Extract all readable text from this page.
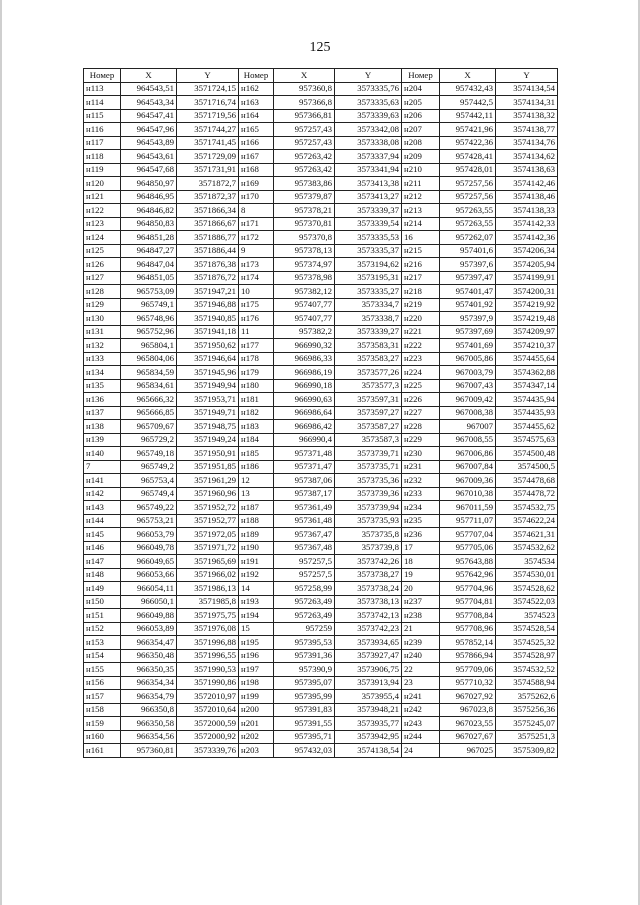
125
Номер	X	Y	Номер	X	Y	Номер	X	Y
н113	964543,51	3571724,15	н162	957360,8	3573335,76	н204	957432,43	3574134,54
н114	964543,34	3571716,74	н163	957366,8	3573335,63	н205	957442,5	3574134,31
н115	964547,41	3571719,56	н164	957366,81	3573339,63	н206	957442,11	3574138,32
н116	964547,96	3571744,27	н165	957257,43	3573342,08	н207	957421,96	3574138,77
н117	964543,89	3571741,45	н166	957257,43	3573338,08	н208	957422,36	3574134,76
н118	964543,61	3571729,09	н167	957263,42	3573337,94	н209	957428,41	3574134,62
н119	964547,68	3571731,91	н168	957263,42	3573341,94	н210	957428,01	3574138,63
н120	964850,97	3571872,7	н169	957383,86	3573413,38	н211	957257,56	3574142,46
н121	964846,95	3571872,37	н170	957379,87	3573413,27	н212	957257,56	3574138,46
н122	964846,82	3571866,34	8	957378,21	3573339,37	н213	957263,55	3574138,33
н123	964850,83	3571866,67	н171	957370,81	3573339,54	н214	957263,55	3574142,33
н124	964851,28	3571886,77	н172	957370,8	3573335,53	16	957262,07	3574142,36
н125	964847,27	3571886,44	9	957378,13	3573335,37	н215	957401,6	3574206,34
н126	964847,04	3571876,38	н173	957374,97	3573194,62	н216	957397,6	3574205,94
н127	964851,05	3571876,72	н174	957378,98	3573195,31	н217	957397,47	3574199,91
н128	965753,09	3571947,21	10	957382,12	3573335,27	н218	957401,47	3574200,31
н129	965749,1	3571946,88	н175	957407,77	3573334,7	н219	957401,92	3574219,92
н130	965748,96	3571940,85	н176	957407,77	3573338,7	н220	957397,9	3574219,48
н131	965752,96	3571941,18	11	957382,2	3573339,27	н221	957397,69	3574209,97
н132	965804,1	3571950,62	н177	966990,32	3573583,31	н222	957401,69	3574210,37
н133	965804,06	3571946,64	н178	966986,33	3573583,27	н223	967005,86	3574455,64
н134	965834,59	3571945,96	н179	966986,19	3573577,26	н224	967003,79	3574362,88
н135	965834,61	3571949,94	н180	966990,18	3573577,3	н225	967007,43	3574347,14
н136	965666,32	3571953,71	н181	966990,63	3573597,31	н226	967009,42	3574435,94
н137	965666,85	3571949,71	н182	966986,64	3573597,27	н227	967008,38	3574435,93
н138	965709,67	3571948,75	н183	966986,42	3573587,27	н228	967007	3574455,62
н139	965729,2	3571949,24	н184	966990,4	3573587,3	н229	967008,55	3574575,63
н140	965749,18	3571950,91	н185	957371,48	3573739,71	н230	967006,86	3574500,48
7	965749,2	3571951,85	н186	957371,47	3573735,71	н231	967007,84	3574500,5
н141	965753,4	3571961,29	12	957387,06	3573735,36	н232	967009,36	3574478,68
н142	965749,4	3571960,96	13	957387,17	3573739,36	н233	967010,38	3574478,72
н143	965749,22	3571952,72	н187	957361,49	3573739,94	н234	967011,59	3574532,75
н144	965753,21	3571952,77	н188	957361,48	3573735,93	н235	957711,07	3574622,24
н145	966053,79	3571972,05	н189	957367,47	3573735,8	н236	957707,04	3574621,31
н146	966049,78	3571971,72	н190	957367,48	3573739,8	17	957705,06	3574532,62
н147	966049,65	3571965,69	н191	957257,5	3573742,26	18	957643,88	3574534
н148	966053,66	3571966,02	н192	957257,5	3573738,27	19	957642,96	3574530,01
н149	966054,11	3571986,13	14	957258,99	3573738,24	20	957704,96	3574528,62
н150	966050,1	3571985,8	н193	957263,49	3573738,13	н237	957704,81	3574522,03
н151	966049,88	3571975,75	н194	957263,49	3573742,13	н238	957708,84	3574523
н152	966053,89	3571976,08	15	957259	3573742,23	21	957708,96	3574528,54
н153	966354,47	3571996,88	н195	957395,53	3573934,65	н239	957852,14	3574525,32
н154	966350,48	3571996,55	н196	957391,36	3573927,47	н240	957866,94	3574528,97
н155	966350,35	3571990,53	н197	957390,9	3573906,75	22	957709,06	3574532,52
н156	966354,34	3571990,86	н198	957395,07	3573913,94	23	957710,32	3574588,94
н157	966354,79	3572010,97	н199	957395,99	3573955,4	н241	967027,92	3575262,6
н158	966350,8	3572010,64	н200	957391,83	3573948,21	н242	967023,8	3575256,36
н159	966350,58	3572000,59	н201	957391,55	3573935,77	н243	967023,55	3575245,07
н160	966354,56	3572000,92	н202	957395,71	3573942,95	н244	967027,67	3575251,3
н161	957360,81	3573339,76	н203	957432,03	3574138,54	24	967025	3575309,82
